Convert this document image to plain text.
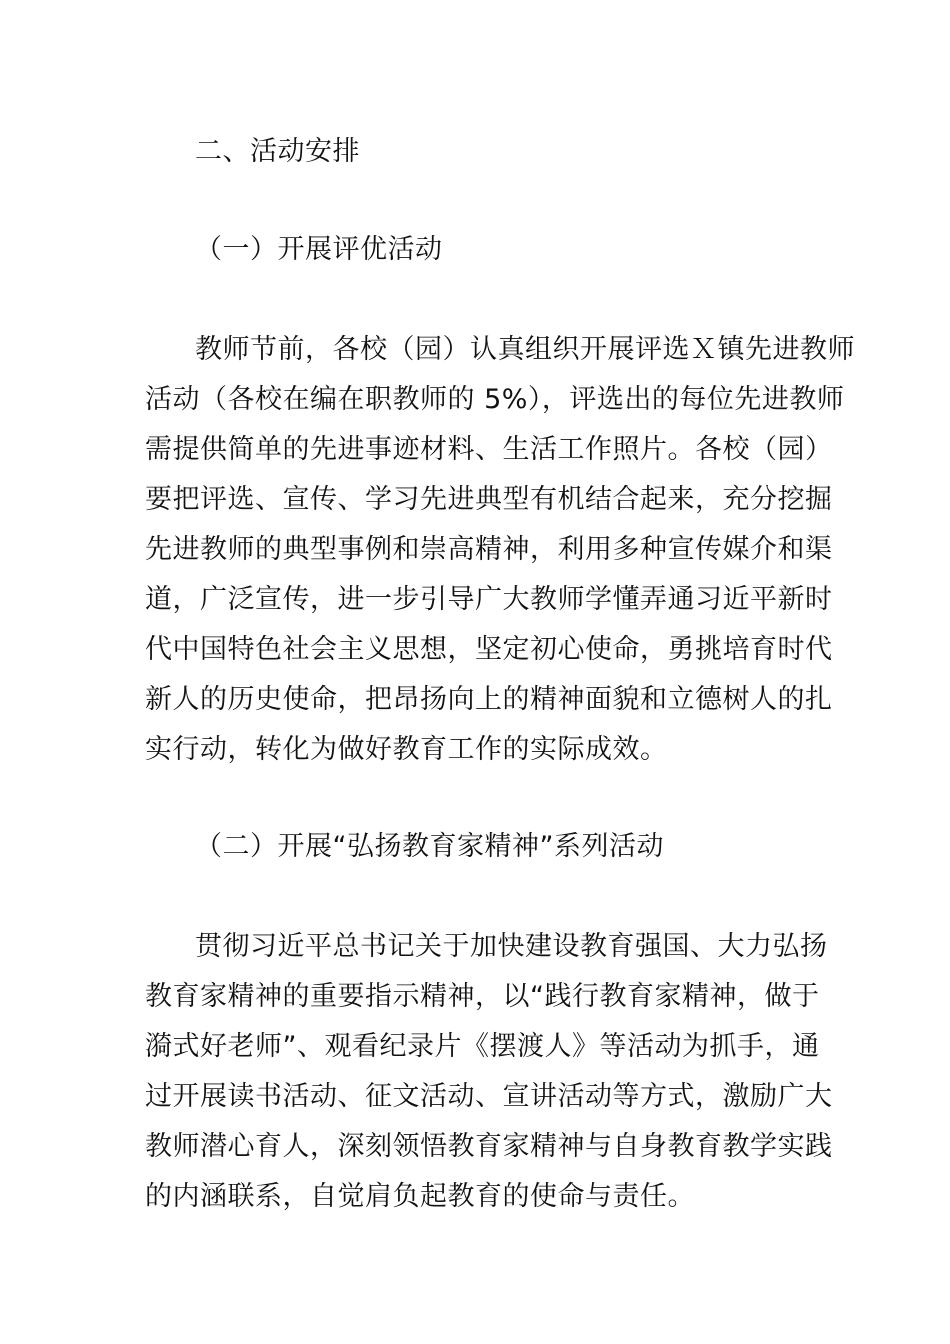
二、活动安排
（一）开展评优活动
教师节前，各校（园）认真组织开展评选Ｘ镇先进教师
活动（各校在编在职教师的 5%），评选出的每位先进教师
需提供简单的先进事迹材料、生活工作照片。各校（园）
要把评选、宣传、学习先进典型有机结合起来，充分挖掘
先进教师的典型事例和崇高精神，利用多种宣传媒介和渠
道，广泛宣传，进一步引导广大教师学懂弄通习近平新时
代中国特色社会主义思想，坚定初心使命，勇挑培育时代
新人的历史使命，把昂扬向上的精神面貌和立德树人的扎
实行动，转化为做好教育工作的实际成效。
（二）开展“弘扬教育家精神”系列活动
贯彻习近平总书记关于加快建设教育强国、大力弘扬
教育家精神的重要指示精神，以“践行教育家精神，做于
漪式好老师”、观看纪录片《摆渡人》等活动为抓手，通
过开展读书活动、征文活动、宣讲活动等方式，激励广大
教师潜心育人，深刻领悟教育家精神与自身教育教学实践
的内涵联系，自觉肩负起教育的使命与责任。
